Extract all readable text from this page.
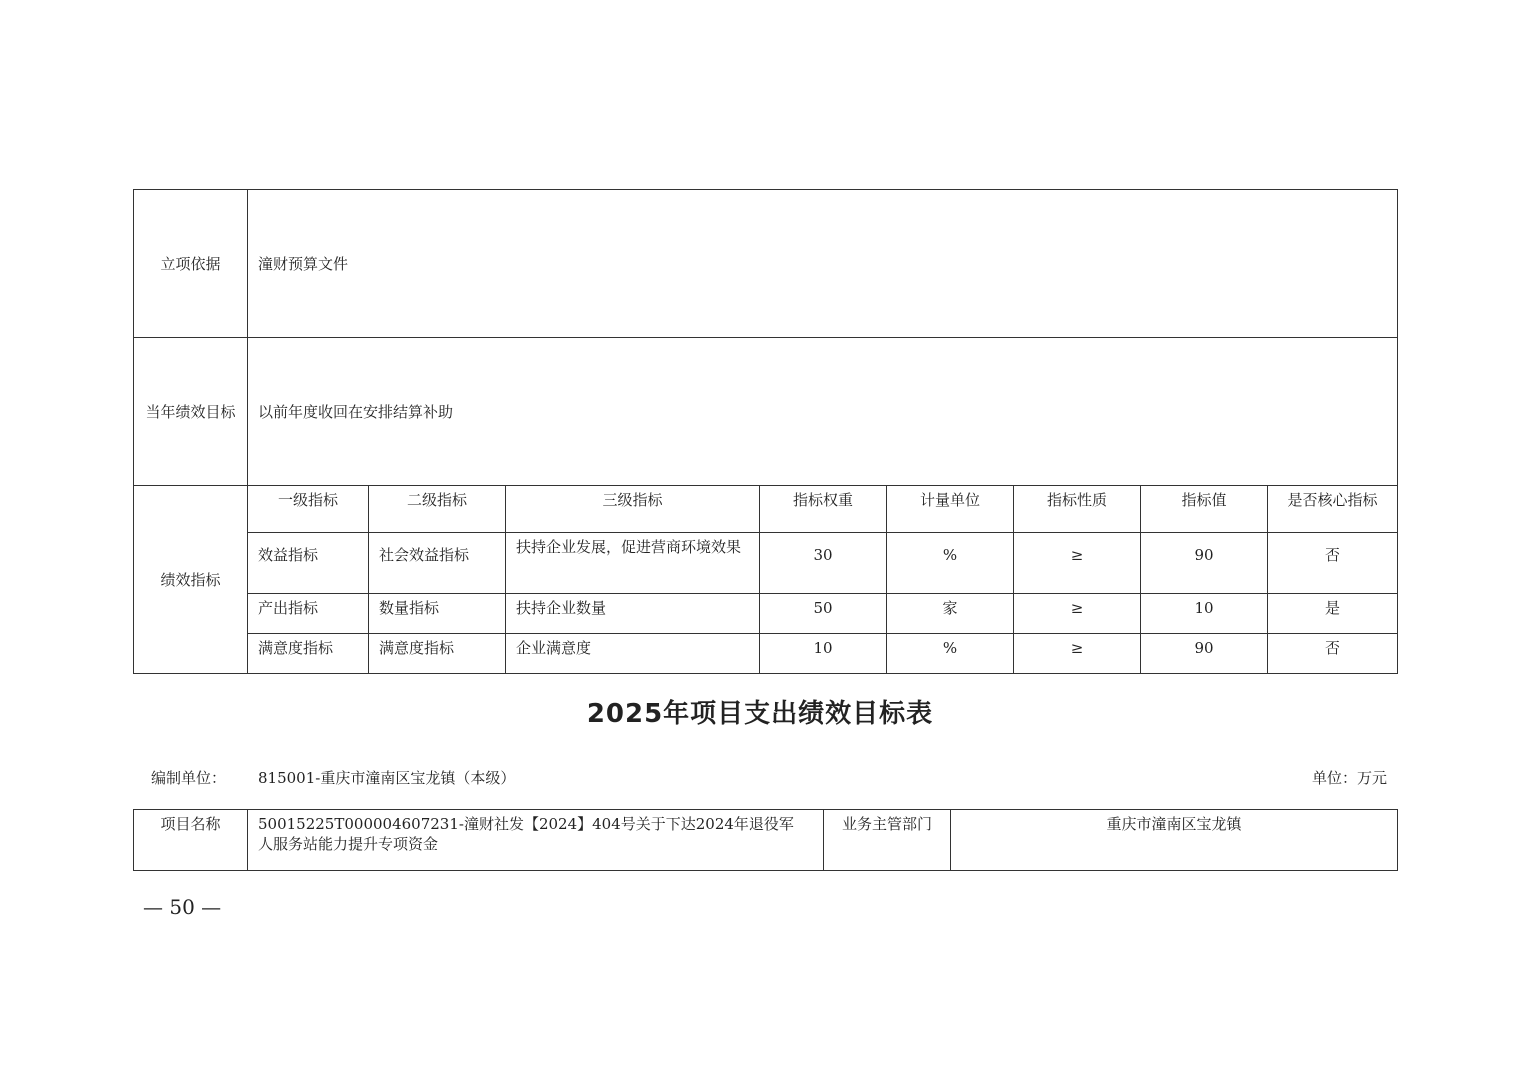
立项依据	潼财预算文件							
当年绩效目标	以前年度收回在安排结算补助							
绩效指标	一级指标	二级指标	三级指标	指标权重	计量单位	指标性质	指标值	是否核心指标
	效益指标	社会效益指标	扶持企业发展，促进营商环境效果	30	%	≥	90	否
	产出指标	数量指标	扶持企业数量	50	家	≥	10	是
	满意度指标	满意度指标	企业满意度	10	%	≥	90	否
2025年项目支出绩效目标表
编制单位： 815001-重庆市潼南区宝龙镇（本级）	单位：万元
项目名称	50015225T000004607231-潼财社发【2024】404号关于下达2024年退役军人服务站能力提升专项资金	业务主管部门	重庆市潼南区宝龙镇
— 50 —
